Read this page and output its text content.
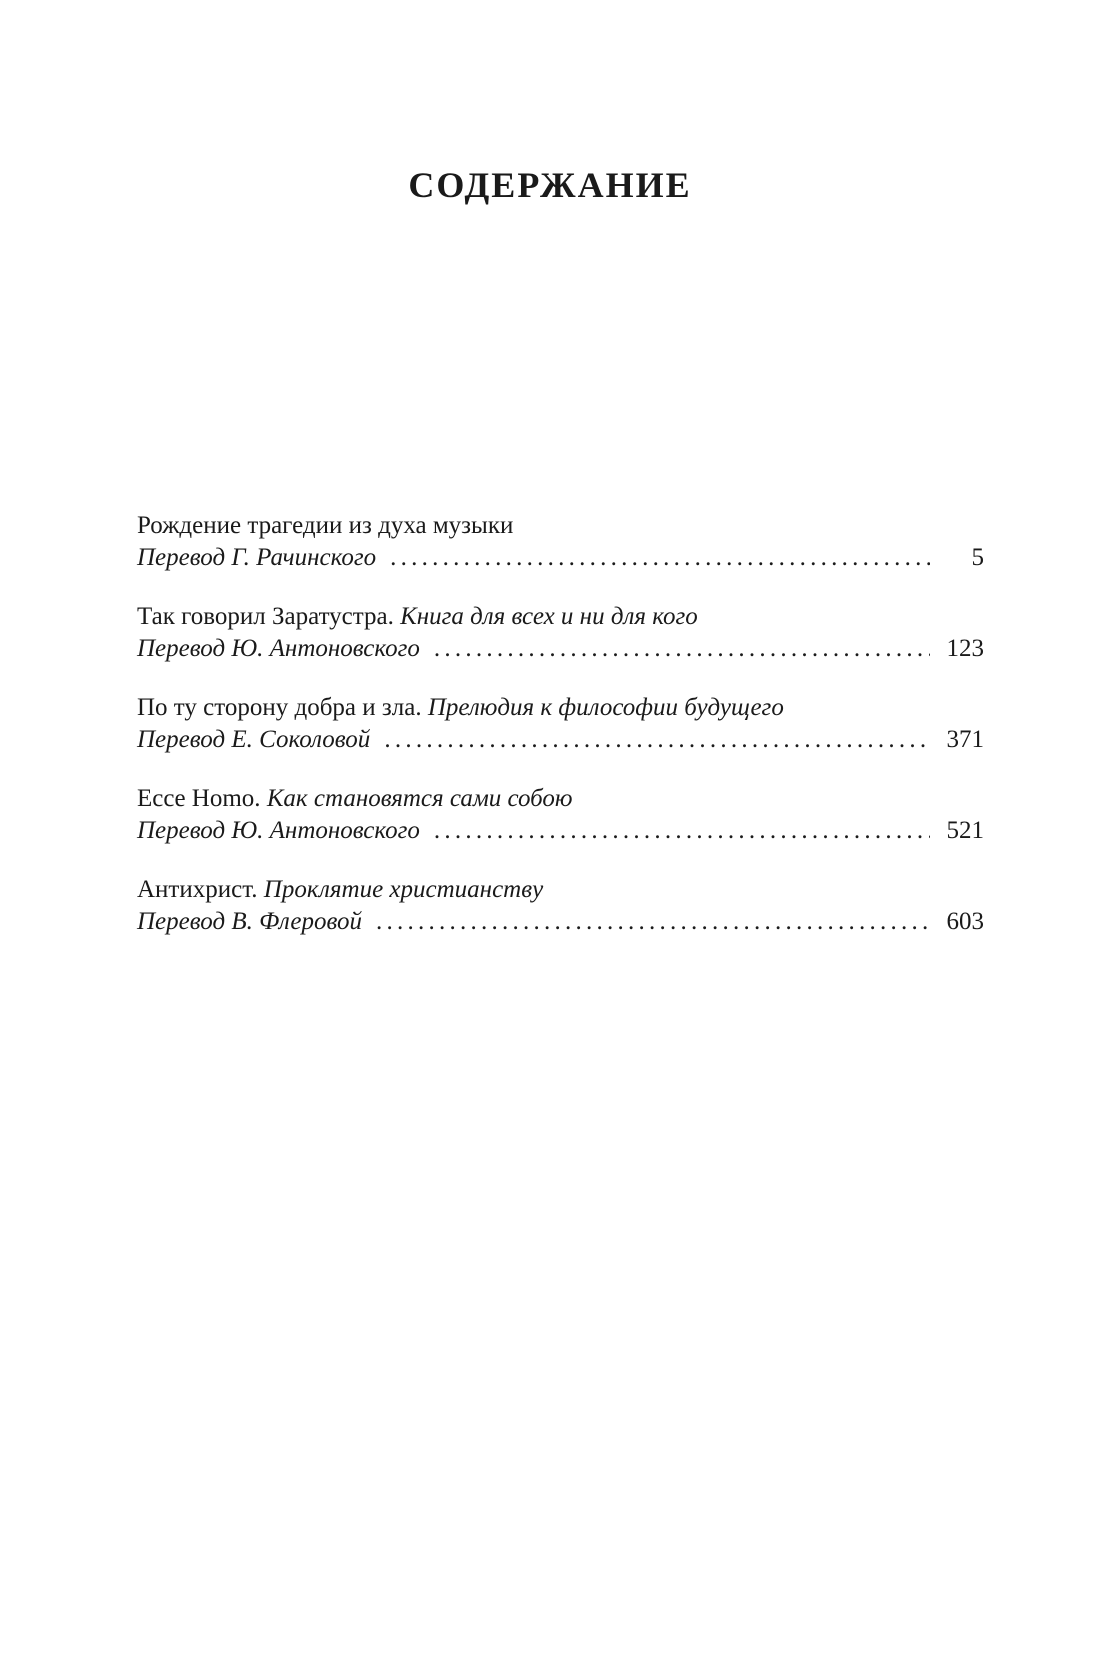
СОДЕРЖАНИЕ
Рождение трагедии из духа музыки
Перевод Г. Рачинского . . .	5
Так говорил Заратустра. Книга для всех и ни для кого
Перевод Ю. Антоновского . . .	123
По ту сторону добра и зла. Прелюдия к философии будущего
Перевод Е. Соколовой . . .	371
Ecce Homo. Как становятся сами собою
Перевод Ю. Антоновского . . .	521
Антихрист. Проклятие христианству
Перевод В. Флеровой . . .	603
